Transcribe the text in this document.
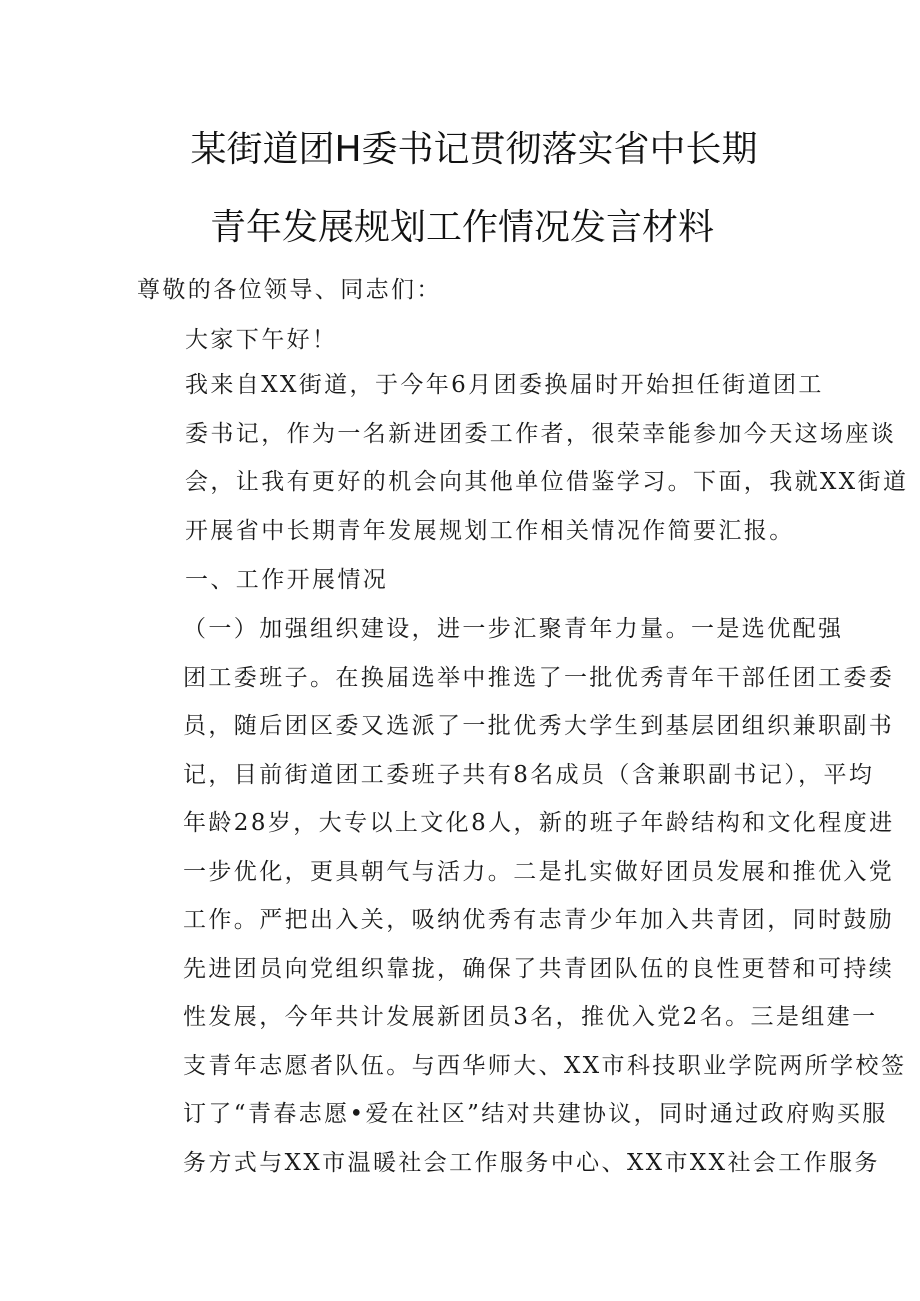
某街道团H委书记贯彻落实省中长期
青年发展规划工作情况发言材料
尊敬的各位领导、同志们：
大家下午好！
我来自XX街道，于今年6月团委换届时开始担任街道团工
委书记，作为一名新进团委工作者，很荣幸能参加今天这场座谈
会，让我有更好的机会向其他单位借鉴学习。下面，我就XX街道
开展省中长期青年发展规划工作相关情况作简要汇报。
一、工作开展情况
（一）加强组织建设，进一步汇聚青年力量。一是选优配强
团工委班子。在换届选举中推选了一批优秀青年干部任团工委委
员，随后团区委又选派了一批优秀大学生到基层团组织兼职副书
记，目前街道团工委班子共有8名成员（含兼职副书记），平均
年龄28岁，大专以上文化8人，新的班子年龄结构和文化程度进
一步优化，更具朝气与活力。二是扎实做好团员发展和推优入党
工作。严把出入关，吸纳优秀有志青少年加入共青团，同时鼓励
先进团员向党组织靠拢，确保了共青团队伍的良性更替和可持续
性发展，今年共计发展新团员3名，推优入党2名。三是组建一
支青年志愿者队伍。与西华师大、XX市科技职业学院两所学校签
订了“青春志愿•爱在社区”结对共建协议，同时通过政府购买服
务方式与XX市温暖社会工作服务中心、XX市XX社会工作服务
